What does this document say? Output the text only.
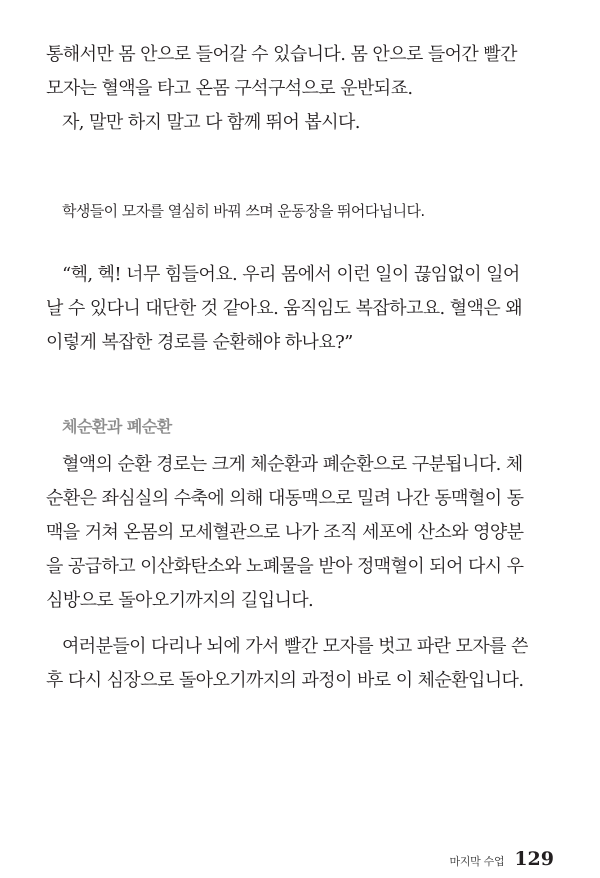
통해서만 몸 안으로 들어갈 수 있습니다. 몸 안으로 들어간 빨간
모자는 혈액을 타고 온몸 구석구석으로 운반되죠.
자, 말만 하지 말고 다 함께 뛰어 봅시다.
학생들이 모자를 열심히 바꿔 쓰며 운동장을 뛰어다닙니다.
“헥, 헥! 너무 힘들어요. 우리 몸에서 이런 일이 끊임없이 일어
날 수 있다니 대단한 것 같아요. 움직임도 복잡하고요. 혈액은 왜
이렇게 복잡한 경로를 순환해야 하나요?”
체순환과 폐순환
혈액의 순환 경로는 크게 체순환과 폐순환으로 구분됩니다. 체
순환은 좌심실의 수축에 의해 대동맥으로 밀려 나간 동맥혈이 동
맥을 거쳐 온몸의 모세혈관으로 나가 조직 세포에 산소와 영양분
을 공급하고 이산화탄소와 노폐물을 받아 정맥혈이 되어 다시 우
심방으로 돌아오기까지의 길입니다.
여러분들이 다리나 뇌에 가서 빨간 모자를 벗고 파란 모자를 쓴
후 다시 심장으로 돌아오기까지의 과정이 바로 이 체순환입니다.
마지막 수업 129
